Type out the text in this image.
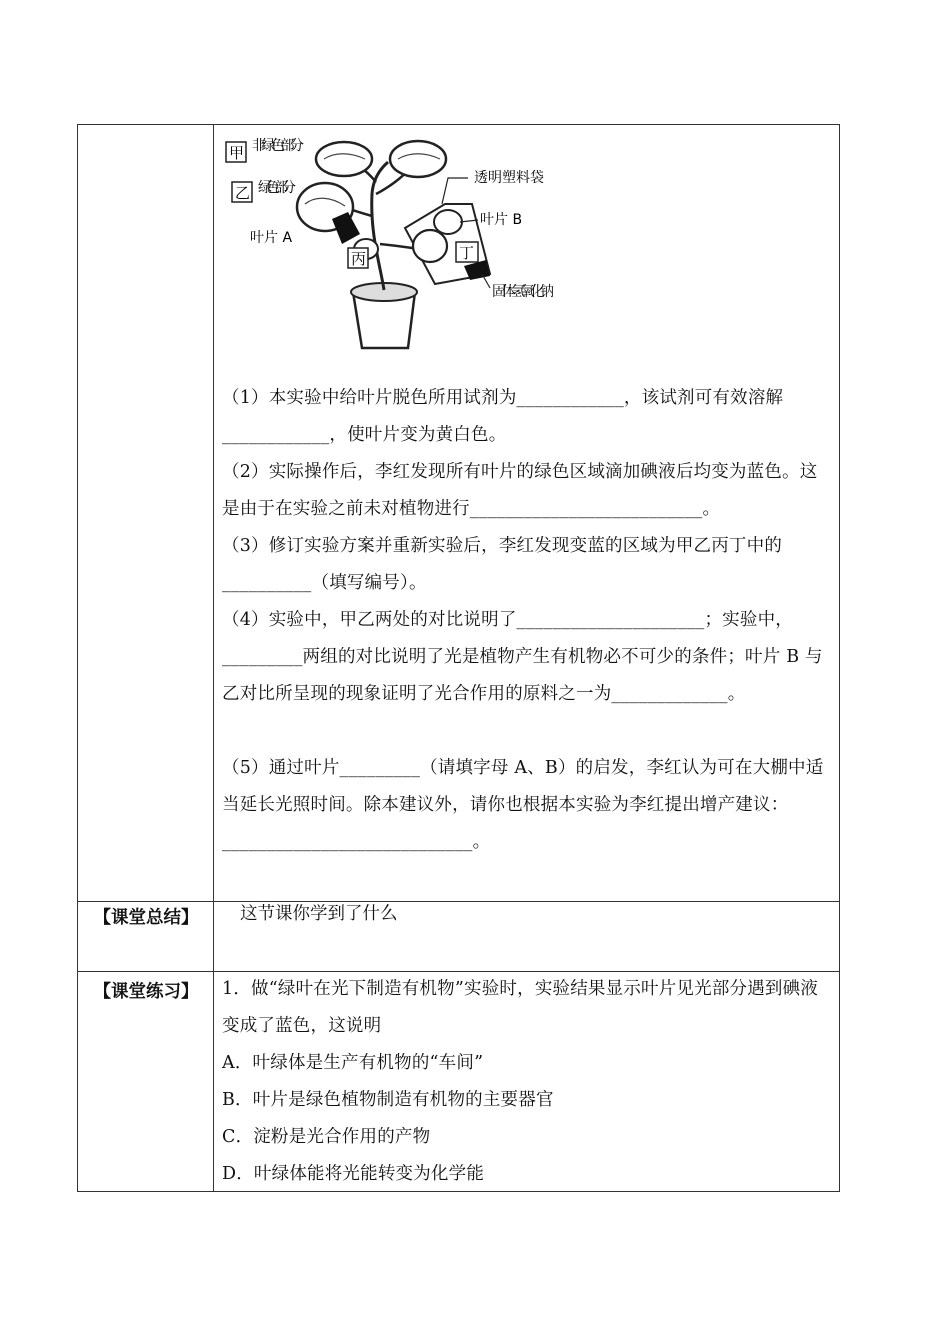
甲 非绿色部分
乙 绿色部分
叶片 A
丙	丁
透明塑料袋
叶片 B
固体氢氧化钠
（1）本实验中给叶片脱色所用试剂为____________，该试剂可有效溶解____________，使叶片变为黄白色。
（2）实际操作后，李红发现所有叶片的绿色区域滴加碘液后均变为蓝色。这是由于在实验之前未对植物进行__________________________。
（3）修订实验方案并重新实验后，李红发现变蓝的区域为甲乙丙丁中的__________（填写编号）。
（4）实验中，甲乙两处的对比说明了_____________________；实验中，_________两组的对比说明了光是植物产生有机物必不可少的条件；叶片 B 与乙对比所呈现的现象证明了光合作用的原料之一为_____________。
（5）通过叶片_________（请填字母 A、B）的启发，李红认为可在大棚中适当延长光照时间。除本建议外，请你也根据本实验为李红提出增产建议：____________________________。
【课堂总结】	这节课你学到了什么
【课堂练习】	1．做“绿叶在光下制造有机物”实验时，实验结果显示叶片见光部分遇到碘液变成了蓝色，这说明
A．叶绿体是生产有机物的“车间”
B．叶片是绿色植物制造有机物的主要器官
C．淀粉是光合作用的产物
D．叶绿体能将光能转变为化学能
